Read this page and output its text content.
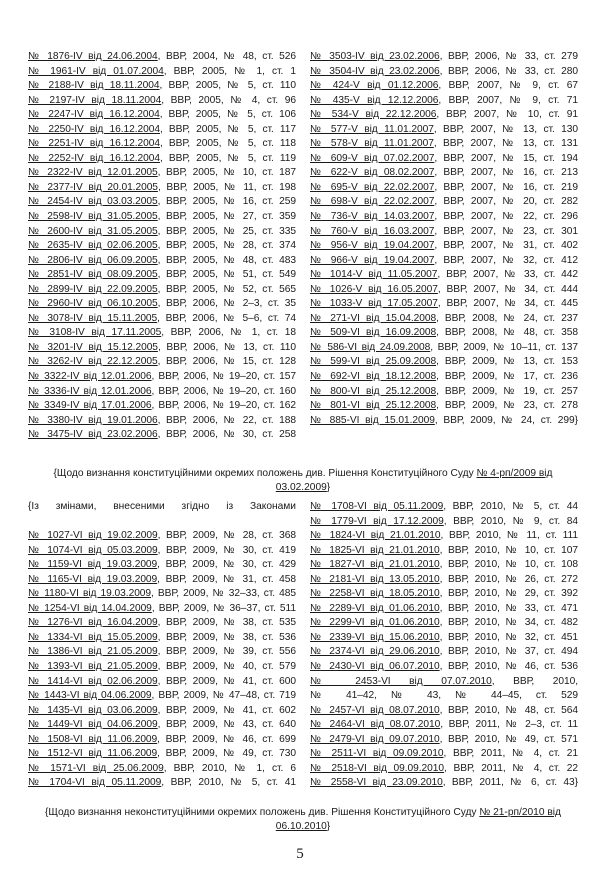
№ 1876-IV від 24.06.2004, ВВР, 2004, № 48, ст. 526
№ 1961-IV від 01.07.2004, ВВР, 2005, № 1, ст. 1
№ 2188-IV від 18.11.2004, ВВР, 2005, № 5, ст. 110
№ 2197-IV від 18.11.2004, ВВР, 2005, № 4, ст. 96
№ 2247-IV від 16.12.2004, ВВР, 2005, № 5, ст. 106
№ 2250-IV від 16.12.2004, ВВР, 2005, № 5, ст. 117
№ 2251-IV від 16.12.2004, ВВР, 2005, № 5, ст. 118
№ 2252-IV від 16.12.2004, ВВР, 2005, № 5, ст. 119
№ 2322-IV від 12.01.2005, ВВР, 2005, № 10, ст. 187
№ 2377-IV від 20.01.2005, ВВР, 2005, № 11, ст. 198
№ 2454-IV від 03.03.2005, ВВР, 2005, № 16, ст. 259
№ 2598-IV від 31.05.2005, ВВР, 2005, № 27, ст. 359
№ 2600-IV від 31.05.2005, ВВР, 2005, № 25, ст. 335
№ 2635-IV від 02.06.2005, ВВР, 2005, № 28, ст. 374
№ 2806-IV від 06.09.2005, ВВР, 2005, № 48, ст. 483
№ 2851-IV від 08.09.2005, ВВР, 2005, № 51, ст. 549
№ 2899-IV від 22.09.2005, ВВР, 2005, № 52, ст. 565
№ 2960-IV від 06.10.2005, ВВР, 2006, № 2–3, ст. 35
№ 3078-IV від 15.11.2005, ВВР, 2006, № 5–6, ст. 74
№ 3108-IV від 17.11.2005, ВВР, 2006, № 1, ст. 18
№ 3201-IV від 15.12.2005, ВВР, 2006, № 13, ст. 110
№ 3262-IV від 22.12.2005, ВВР, 2006, № 15, ст. 128
№ 3322-IV від 12.01.2006, ВВР, 2006, № 19–20, ст. 157
№ 3336-IV від 12.01.2006, ВВР, 2006, № 19–20, ст. 160
№ 3349-IV від 17.01.2006, ВВР, 2006, № 19–20, ст. 162
№ 3380-IV від 19.01.2006, ВВР, 2006, № 22, ст. 188
№ 3475-IV від 23.02.2006, ВВР, 2006, № 30, ст. 258
№ 3503-IV від 23.02.2006, ВВР, 2006, № 33, ст. 279
№ 3504-IV від 23.02.2006, ВВР, 2006, № 33, ст. 280
№ 424-V від 01.12.2006, ВВР, 2007, № 9, ст. 67
№ 435-V від 12.12.2006, ВВР, 2007, № 9, ст. 71
№ 534-V від 22.12.2006, ВВР, 2007, № 10, ст. 91
№ 577-V від 11.01.2007, ВВР, 2007, № 13, ст. 130
№ 578-V від 11.01.2007, ВВР, 2007, № 13, ст. 131
№ 609-V від 07.02.2007, ВВР, 2007, № 15, ст. 194
№ 622-V від 08.02.2007, ВВР, 2007, № 16, ст. 213
№ 695-V від 22.02.2007, ВВР, 2007, № 16, ст. 219
№ 698-V від 22.02.2007, ВВР, 2007, № 20, ст. 282
№ 736-V від 14.03.2007, ВВР, 2007, № 22, ст. 296
№ 760-V від 16.03.2007, ВВР, 2007, № 23, ст. 301
№ 956-V від 19.04.2007, ВВР, 2007, № 31, ст. 402
№ 966-V від 19.04.2007, ВВР, 2007, № 32, ст. 412
№ 1014-V від 11.05.2007, ВВР, 2007, № 33, ст. 442
№ 1026-V від 16.05.2007, ВВР, 2007, № 34, ст. 444
№ 1033-V від 17.05.2007, ВВР, 2007, № 34, ст. 445
№ 271-VI від 15.04.2008, ВВР, 2008, № 24, ст. 237
№ 509-VI від 16.09.2008, ВВР, 2008, № 48, ст. 358
№ 586-VI від 24.09.2008, ВВР, 2009, № 10–11, ст. 137
№ 599-VI від 25.09.2008, ВВР, 2009, № 13, ст. 153
№ 692-VI від 18.12.2008, ВВР, 2009, № 17, ст. 236
№ 800-VI від 25.12.2008, ВВР, 2009, № 19, ст. 257
№ 801-VI від 25.12.2008, ВВР, 2009, № 23, ст. 278
№ 885-VI від 15.01.2009, ВВР, 2009, № 24, ст. 299}
{Щодо визнання конституційними окремих положень див. Рішення Конституційного Суду № 4-рп/2009 від 03.02.2009}
{Із змінами, внесеними згідно із Законами
№ 1027-VI від 19.02.2009, ВВР, 2009, № 28, ст. 368
№ 1074-VI від 05.03.2009, ВВР, 2009, № 30, ст. 419
№ 1159-VI від 19.03.2009, ВВР, 2009, № 30, ст. 429
№ 1165-VI від 19.03.2009, ВВР, 2009, № 31, ст. 458
№ 1180-VI від 19.03.2009, ВВР, 2009, № 32–33, ст. 485
№ 1254-VI від 14.04.2009, ВВР, 2009, № 36–37, ст. 511
№ 1276-VI від 16.04.2009, ВВР, 2009, № 38, ст. 535
№ 1334-VI від 15.05.2009, ВВР, 2009, № 38, ст. 536
№ 1386-VI від 21.05.2009, ВВР, 2009, № 39, ст. 556
№ 1393-VI від 21.05.2009, ВВР, 2009, № 40, ст. 579
№ 1414-VI від 02.06.2009, ВВР, 2009, № 41, ст. 600
№ 1443-VI від 04.06.2009, ВВР, 2009, № 47–48, ст. 719
№ 1435-VI від 03.06.2009, ВВР, 2009, № 41, ст. 602
№ 1449-VI від 04.06.2009, ВВР, 2009, № 43, ст. 640
№ 1508-VI від 11.06.2009, ВВР, 2009, № 46, ст. 699
№ 1512-VI від 11.06.2009, ВВР, 2009, № 49, ст. 730
№ 1571-VI від 25.06.2009, ВВР, 2010, № 1, ст. 6
№ 1704-VI від 05.11.2009, ВВР, 2010, № 5, ст. 41
№ 1708-VI від 05.11.2009, ВВР, 2010, № 5, ст. 44
№ 1779-VI від 17.12.2009, ВВР, 2010, № 9, ст. 84
№ 1824-VI від 21.01.2010, ВВР, 2010, № 11, ст. 111
№ 1825-VI від 21.01.2010, ВВР, 2010, № 10, ст. 107
№ 1827-VI від 21.01.2010, ВВР, 2010, № 10, ст. 108
№ 2181-VI від 13.05.2010, ВВР, 2010, № 26, ст. 272
№ 2258-VI від 18.05.2010, ВВР, 2010, № 29, ст. 392
№ 2289-VI від 01.06.2010, ВВР, 2010, № 33, ст. 471
№ 2299-VI від 01.06.2010, ВВР, 2010, № 34, ст. 482
№ 2339-VI від 15.06.2010, ВВР, 2010, № 32, ст. 451
№ 2374-VI від 29.06.2010, ВВР, 2010, № 37, ст. 494
№ 2430-VI від 06.07.2010, ВВР, 2010, № 46, ст. 536
№ 2453-VI від 07.07.2010, ВВР, 2010,
№ 41–42, № 43, № 44–45, ст. 529
№ 2457-VI від 08.07.2010, ВВР, 2010, № 48, ст. 564
№ 2464-VI від 08.07.2010, ВВР, 2011, № 2–3, ст. 11
№ 2479-VI від 09.07.2010, ВВР, 2010, № 49, ст. 571
№ 2511-VI від 09.09.2010, ВВР, 2011, № 4, ст. 21
№ 2518-VI від 09.09.2010, ВВР, 2011, № 4, ст. 22
№ 2558-VI від 23.09.2010, ВВР, 2011, № 6, ст. 43}
{Щодо визнання неконституційними окремих положень див. Рішення Конституційного Суду № 21-рп/2010 від 06.10.2010}
5
